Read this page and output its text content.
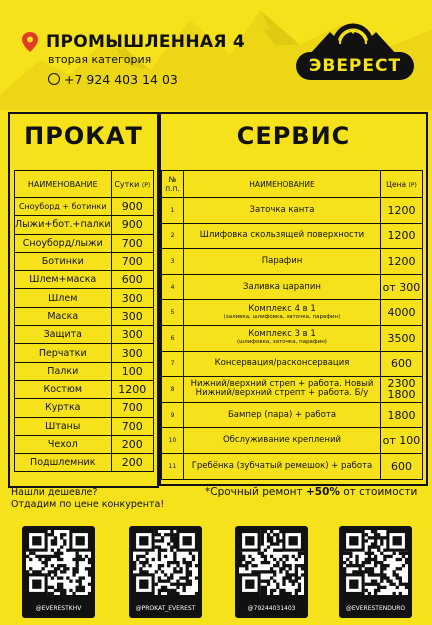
ПРОМЫШЛЕННАЯ 4
вторая категория
+7 924 403 14 03
ЭВЕРЕСТ
ПРОКАТ
НАИМЕНОВАНИЕ	Сутки (Р)
Сноуборд + ботинки	900
Лыжи+бот.+палки	900
Сноуборд/лыжи	700
Ботинки	700
Шлем+маска	600
Шлем	300
Маска	300
Защита	300
Перчатки	300
Палки	100
Костюм	1200
Куртка	700
Штаны	700
Чехол	200
Подшлемник	200
СЕРВИС
№ п.п.	НАИМЕНОВАНИЕ	Цена (Р)
1	Заточка канта	1200

2	Шлифовка скользящей поверхности	1200

3	Парафин	1200

4	Заливка царапин	от 300

5	Комплекс 4 в 1
(заливка, шлифовка, заточка, парафин)	4000

6	Комплекс 3 в 1
(шлифовка, заточка, парафин)	3500

7	Консервация/расконсервация	600

8	Нижний/верхний стреп + работа. Новый
Нижний/верхний стрепт + работа. Б/у	2300
1800

9	Бампер (пара) + работа	1800

10	Обслуживание креплений	от 100

11	Гребёнка (зубчатый ремешок) + работа	600
Нашли дешевле?
Отдадим по цене конкурента!
*Срочный ремонт +50% от стоимости
@EVERESTKHV	@PROKAT_EVEREST	@79244031403	@EVERESTENDURO
